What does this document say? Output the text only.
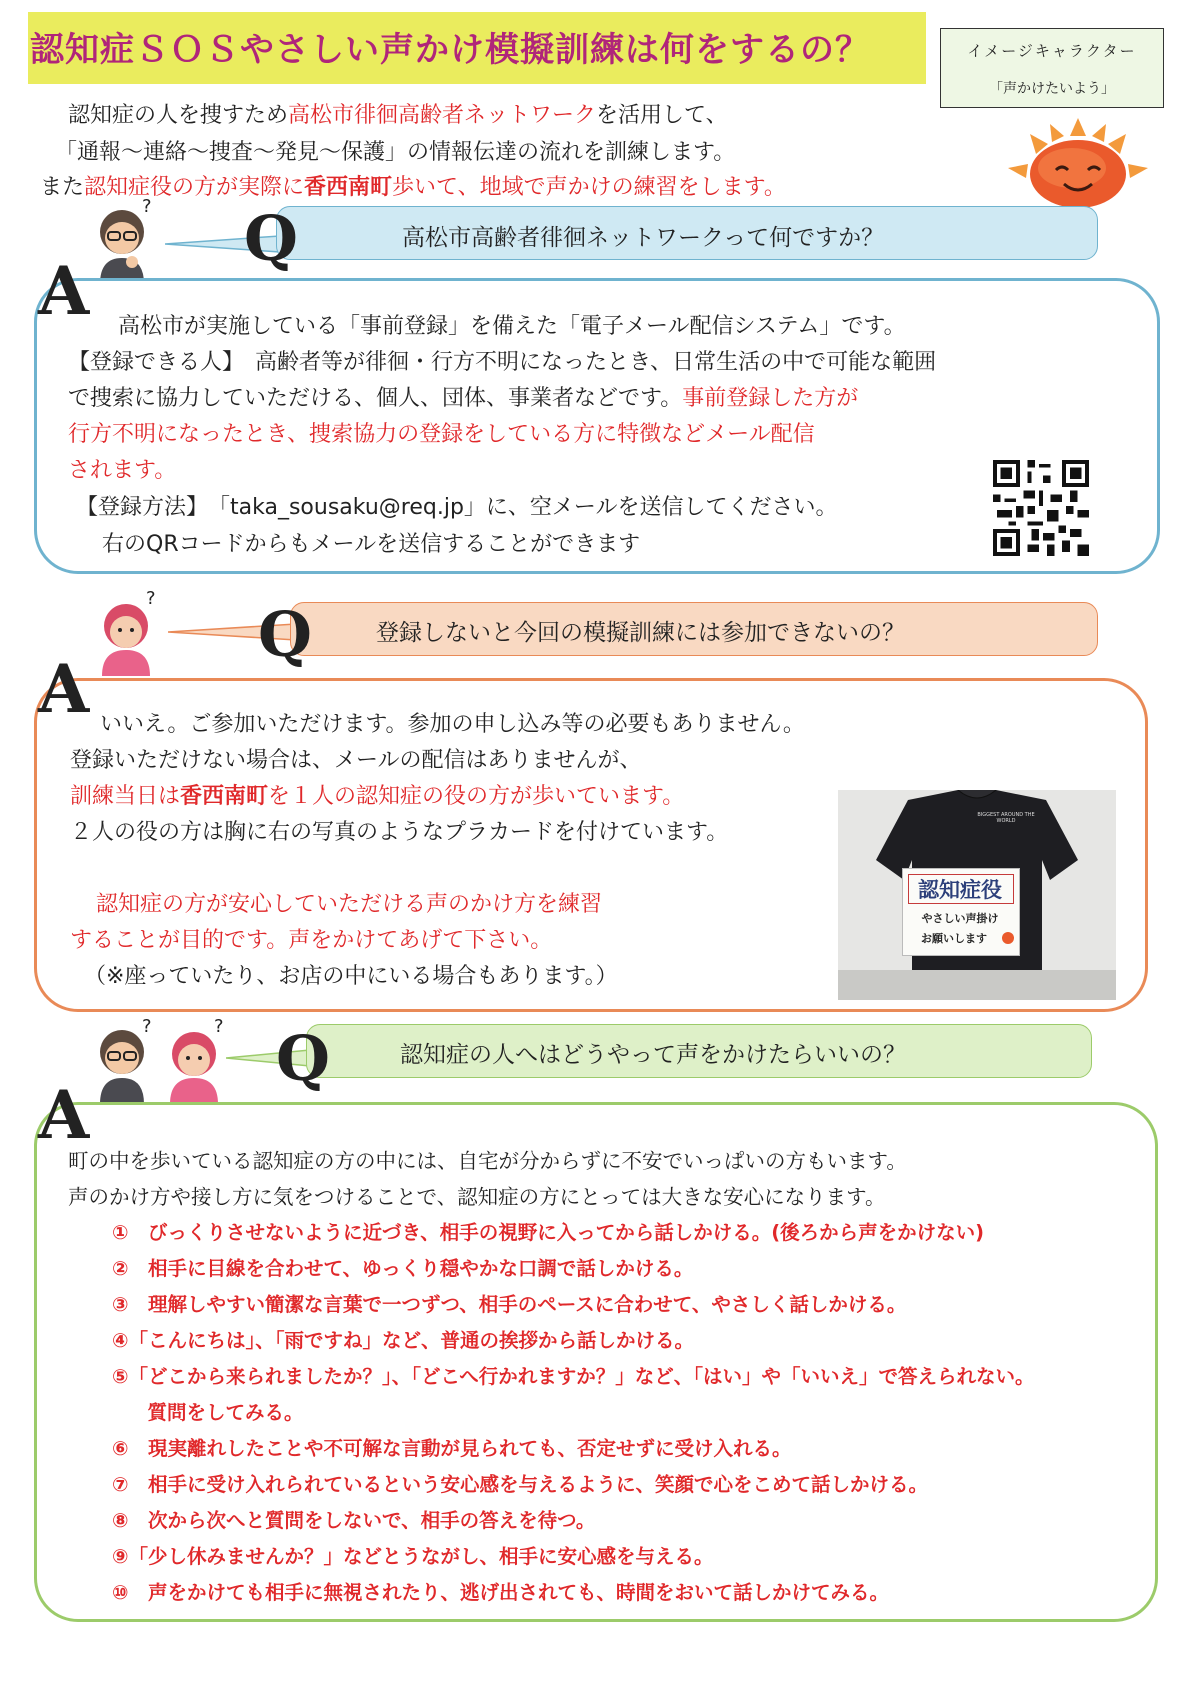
認知症ＳＯＳやさしい声かけ模擬訓練は何をするの？	イメージキャラクター
「声かけたいよう」
認知症の人を捜すため高松市徘徊高齢者ネットワークを活用して、
「通報～連絡～捜査～発見～保護」の情報伝達の流れを訓練します。
また認知症役の方が実際に香西南町歩いて、地域で声かけの練習をします。
? Q	高松市高齢者徘徊ネットワークって何ですか？
A 高松市が実施している「事前登録」を備えた「電子メール配信システム」です。
【登録できる人】　 高齢者等が徘徊・行方不明になったとき、日常生活の中で可能な範囲
で捜索に協力していただける、個人、団体、事業者などです。事前登録した方が
行方不明になったとき、捜索協力の登録をしている方に特徴などメール配信
されます。
【登録方法】　 「taka_sousaku@req.jp」に、空メールを送信してください。
右のQRコードからもメールを送信することができます
? Q	登録しないと今回の模擬訓練には参加できないの？
A いいえ。ご参加いただけます。参加の申し込み等の必要もありません。
登録いただけない場合は、メールの配信はありませんが、
訓練当日は香西南町を１人の認知症の役の方が歩いています。
２人の役の方は胸に右の写真のようなプラカードを付けています。
認知症の方が安心していただける声のかけ方を練習
することが目的です。声をかけてあげて下さい。
（※座っていたり、お店の中にいる場合もあります。）
BIGGEST AROUND THE WORLD
認知症役
やさしい声掛け
お願いします
?	? Q	認知症の人へはどうやって声をかけたらいいの？
A
町の中を歩いている認知症の方の中には、自宅が分からずに不安でいっぱいの方もいます。
声のかけ方や接し方に気をつけることで、認知症の方にとっては大きな安心になります。
①　びっくりさせないように近づき、相手の視野に入ってから話しかける。(後ろから声をかけない)
②　相手に目線を合わせて、ゆっくり穏やかな口調で話しかける。
③　理解しやすい簡潔な言葉で一つずつ、相手のペースに合わせて、やさしく話しかける。
④「こんにちは」、「雨ですね」など、普通の挨拶から話しかける。
⑤「どこから来られましたか？」、「どこへ行かれますか？」など、「はい」や「いいえ」で答えられない。
　質問をしてみる。
⑥　現実離れしたことや不可解な言動が見られても、否定せずに受け入れる。
⑦　相手に受け入れられているという安心感を与えるように、笑顔で心をこめて話しかける。
⑧　次から次へと質問をしないで、相手の答えを待つ。
⑨「少し休みませんか？」などとうながし、相手に安心感を与える。
⑩　声をかけても相手に無視されたり、逃げ出されても、時間をおいて話しかけてみる。
